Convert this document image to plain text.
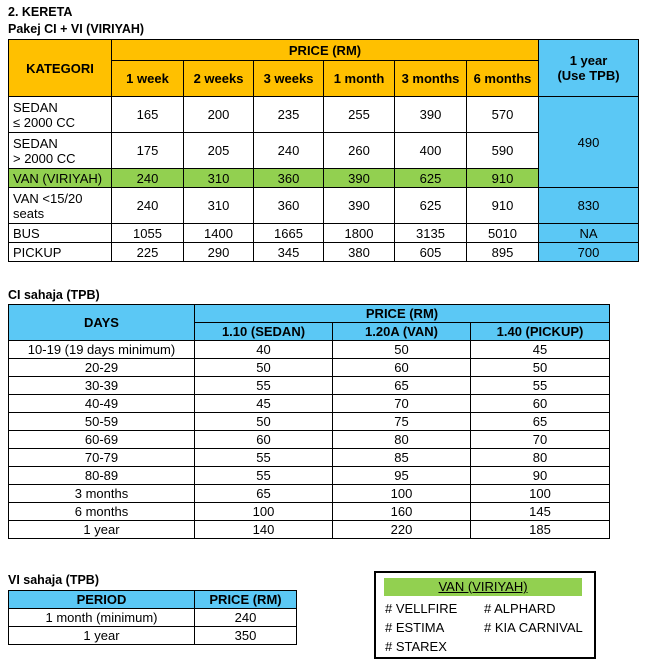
2. KERETA
Pakej CI + VI (VIRIYAH)
KATEGORI	PRICE (RM)						1 year
(Use TPB)
	1 week	2 weeks	3 weeks	1 month	3 months	6 months	
SEDAN
≤ 2000 CC	165	200	235	255	390	570	490
SEDAN
> 2000 CC	175	205	240	260	400	590	
VAN (VIRIYAH)	240	310	360	390	625	910	
VAN <15/20
seats	240	310	360	390	625	910	830
BUS	1055	1400	1665	1800	3135	5010	NA
PICKUP	225	290	345	380	605	895	700
CI sahaja (TPB)
DAYS	PRICE (RM)		
	1.10 (SEDAN)	1.20A (VAN)	1.40 (PICKUP)
10-19 (19 days minimum)	40	50	45
20-29	50	60	50
30-39	55	65	55
40-49	45	70	60
50-59	50	75	65
60-69	60	80	70
70-79	55	85	80
80-89	55	95	90
3 months	65	100	100
6 months	100	160	145
1 year	140	220	185
VI sahaja (TPB)
PERIOD	PRICE (RM)
1 month (minimum)	240
1 year	350
VAN (VIRIYAH)
# VELLFIRE # ALPHARD
# ESTIMA	# KIA CARNIVAL
# STAREX
